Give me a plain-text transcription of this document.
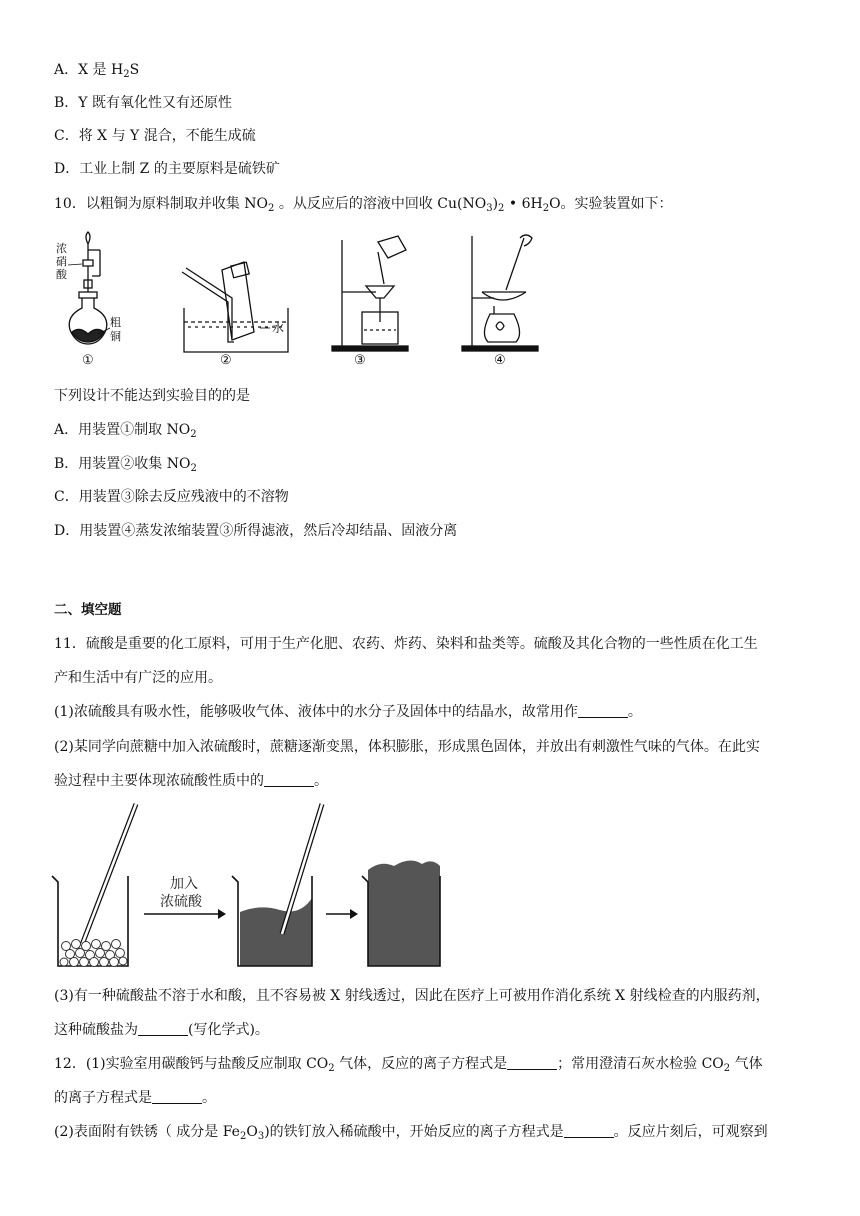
A．X 是 $H_2S$
B．Y 既有氧化性又有还原性
C．将 X 与 Y 混合，不能生成硫
D．工业上制 Z 的主要原料是硫铁矿
10．以粗铜为原料制取并收集 $NO_2$ 。从反应后的溶液中回收 $Cu(NO_3)_2$ • $6H_2O$。实验装置如下：
浓
硝
酸
粗
铜
①
水
②	③	④
下列设计不能达到实验目的的是
A．用装置①制取 $NO_2$
B．用装置②收集 $NO_2$
C．用装置③除去反应残液中的不溶物
D．用装置④蒸发浓缩装置③所得滤液，然后冷却结晶、固液分离
二、填空题
11．硫酸是重要的化工原料，可用于生产化肥、农药、炸药、染料和盐类等。硫酸及其化合物的一些性质在化工生
产和生活中有广泛的应用。
(1)浓硫酸具有吸水性，能够吸收气体、液体中的水分子及固体中的结晶水，故常用作	。
(2)某同学向蔗糖中加入浓硫酸时，蔗糖逐渐变黑，体积膨胀，形成黑色固体，并放出有刺激性气味的气体。在此实
验过程中主要体现浓硫酸性质中的	。
加入
浓硫酸
(3)有一种硫酸盐不溶于水和酸，且不容易被 X 射线透过，因此在医疗上可被用作消化系统 X 射线检查的内服药剂，
这种硫酸盐为	(写化学式)。
12．(1)实验室用碳酸钙与盐酸反应制取 $CO_2$ 气体，反应的离子方程式是	；常用澄清石灰水检验 $CO_2$ 气体
的离子方程式是	。
(2)表面附有铁锈（ 成分是 $Fe_2O_3$)的铁钉放入稀硫酸中，开始反应的离子方程式是	。反应片刻后，可观察到
